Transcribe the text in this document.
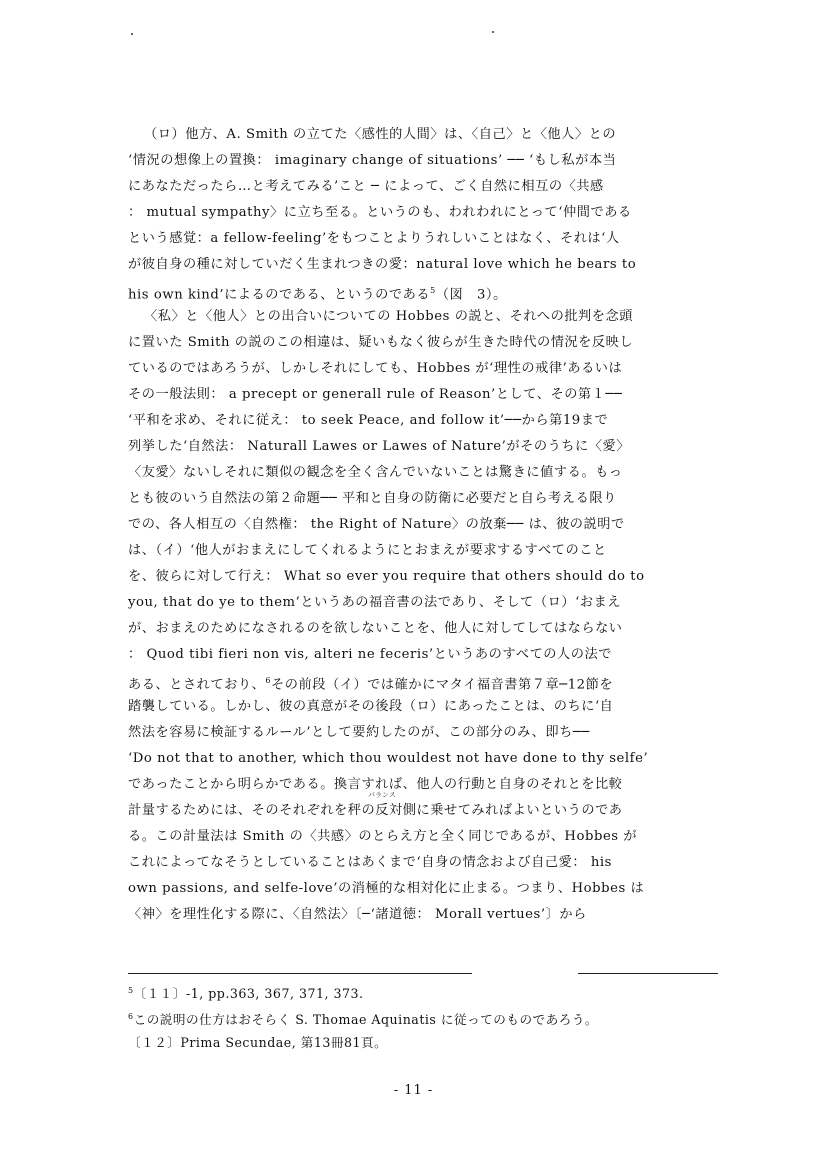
（ロ）他方、A. Smith の立てた〈感性的人間〉は、〈自己〉と〈他人〉との
‘情況の想像上の置換： imaginary change of situations’ ── ‘もし私が本当
にあなただったら…と考えてみる’こと ─ によって、ごく自然に相互の〈共感
： mutual sympathy〉に立ち至る。というのも、われわれにとって‘仲間である
という感覚：a fellow-feeling’をもつことよりうれしいことはなく、それは‘人
が彼自身の種に対していだく生まれつきの愛：natural love which he bears to
his own kind’によるのである、というのである$^5$（図　3）。
〈私〉と〈他人〉との出合いについての Hobbes の説と、それへの批判を念頭
に置いた Smith の説のこの相違は、疑いもなく彼らが生きた時代の情況を反映し
ているのではあろうが、しかしそれにしても、Hobbes が‘理性の戒律’あるいは
その一般法則： a precept or generall rule of Reason’として、その第１──
‘平和を求め、それに従え： to seek Peace, and follow it’──から第19まで
列挙した‘自然法： Naturall Lawes or Lawes of Nature’がそのうちに〈愛〉
〈友愛〉ないしそれに類似の観念を全く含んでいないことは驚きに値する。もっ
とも彼のいう自然法の第２命題── 平和と自身の防衛に必要だと自ら考える限り
での、各人相互の〈自然権： the Right of Nature〉の放棄── は、彼の説明で
は、（イ）‘他人がおまえにしてくれるようにとおまえが要求するすべてのこと
を、彼らに対して行え： What so ever you require that others should do to
you, that do ye to them’というあの福音書の法であり、そして（ロ）‘おまえ
が、おまえのためになされるのを欲しないことを、他人に対してしてはならない
： Quod tibi fieri non vis, alteri ne feceris’というあのすべての人の法で
ある、とされており、$^6$その前段（イ）では確かにマタイ福音書第７章─12節を
踏襲している。しかし、彼の真意がその後段（ロ）にあったことは、のちに‘自
然法を容易に検証するルール’として要約したのが、この部分のみ、即ち──
‘Do not that to another, which thou wouldest not have done to thy selfe’
であったことから明らかである。換言すれば、他人の行動と自身のそれとを比較
バランス
計量するためには、そのそれぞれを秤の反対側に乗せてみればよいというのであ
る。この計量法は Smith の〈共感〉のとらえ方と全く同じであるが、Hobbes が
これによってなそうとしていることはあくまで‘自身の情念および自己愛： his
own passions, and selfe-love’の消極的な相対化に止まる。つまり、Hobbes は
〈神〉を理性化する際に、〈自然法〉〔─‘諸道徳： Morall vertues’〕から
$^5$〔１１〕-1, pp.363, 367, 371, 373.
$^6$この説明の仕方はおそらく S. Thomae Aquinatis に従ってのものであろう。
〔１２〕Prima Secundae, 第13冊81頁。
- 11 -
